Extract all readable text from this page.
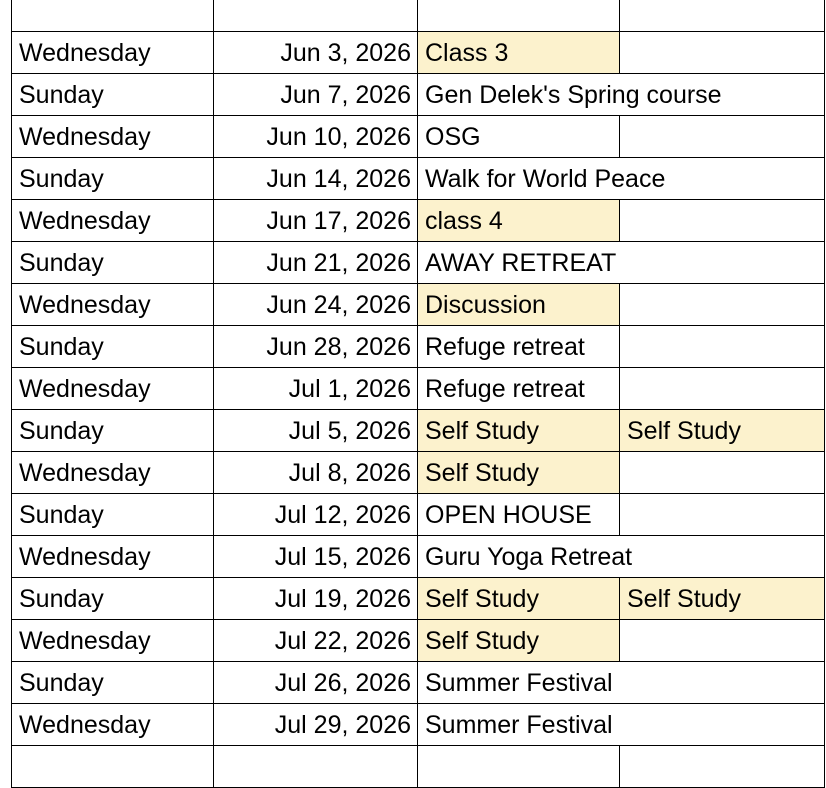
Wednesday	Jun 3, 2026 Class 3
Sunday	Jun 7, 2026 Gen Delek's Spring course
Wednesday	Jun 10, 2026 OSG
Sunday	Jun 14, 2026 Walk for World Peace
Wednesday	Jun 17, 2026 class 4
Sunday	Jun 21, 2026 AWAY RETREAT
Wednesday	Jun 24, 2026 Discussion
Sunday	Jun 28, 2026 Refuge retreat
Wednesday	Jul 1, 2026 Refuge retreat
Sunday	Jul 5, 2026 Self Study	Self Study
Wednesday	Jul 8, 2026 Self Study
Sunday	Jul 12, 2026 OPEN HOUSE
Wednesday	Jul 15, 2026 Guru Yoga Retreat
Sunday	Jul 19, 2026 Self Study	Self Study
Wednesday	Jul 22, 2026 Self Study
Sunday	Jul 26, 2026 Summer Festival
Wednesday	Jul 29, 2026 Summer Festival
